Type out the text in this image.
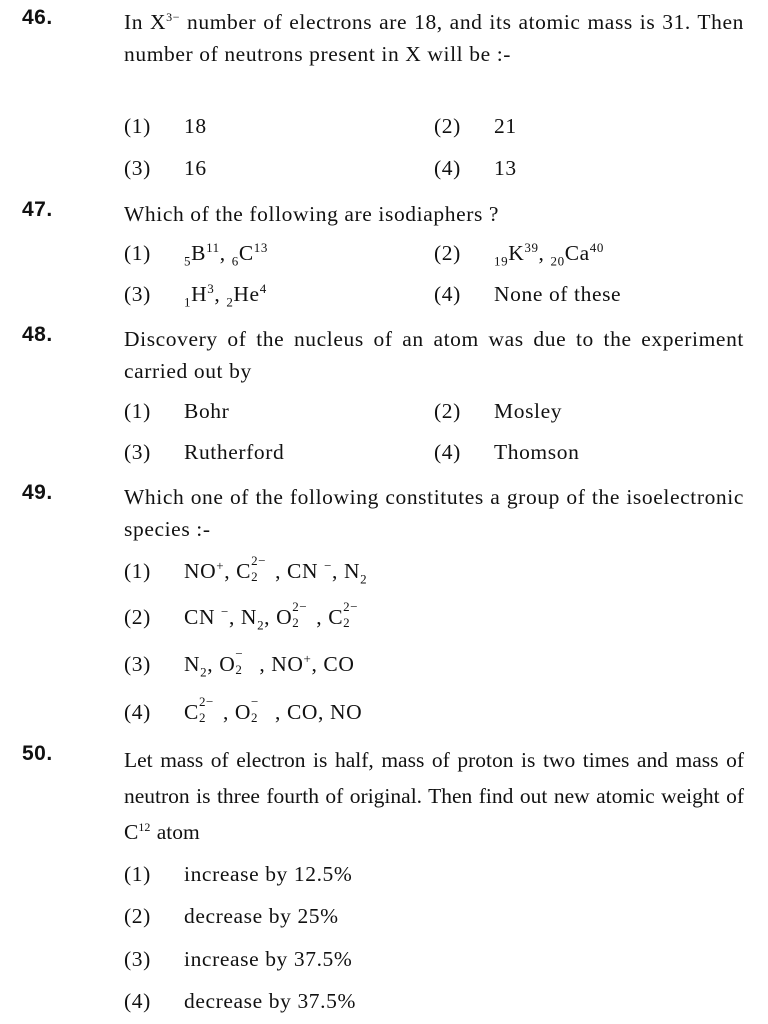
46.	In $X^{3-}$ number of electrons are 18, and its atomic mass is 31. Then number of neutrons present in X will be :-
(1) 18	(2) 21
(3) 16	(4) 13
47.	Which of the following are isodiaphers ?
(1)	$_5B^{11}$, $_6C^{13}$	(2)	$_{19}K^{39}$, $_{20}Ca^{40}$
(3)	$_1H^3$, $_2He^4$	(4) None of these
48.	Discovery of the nucleus of an atom was due to the experiment carried out by
(1) Bohr	(2) Mosley
(3) Rutherford	(4) Thomson
49.	Which one of the following constitutes a group of the isoelectronic species :-
(1) NO+, C 2−
2 , CN −, $N_2$
(2) CN −, $N_2$, O 2−
2 , C 2−
2
(3) $N_2$, O −
2 , NO+, CO
(4) C 2−
2 , O −
2 , CO, NO
50.	Let mass of electron is half, mass of proton is two times and mass of neutron is three fourth of original. Then find out new atomic weight of $C^{12}$ atom
(1) increase by 12.5%
(2) decrease by 25%
(3) increase by 37.5%
(4) decrease by 37.5%
